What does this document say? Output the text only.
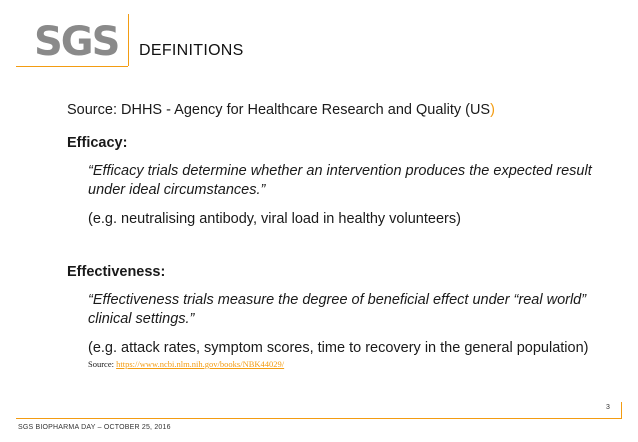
SGS DEFINITIONS

Source: DHHS - Agency for Healthcare Research and Quality (US)

Efficacy:

“Efficacy trials determine whether an intervention produces the expected result under ideal circumstances.”

(e.g. neutralising antibody, viral load in healthy volunteers)

Effectiveness:

“Effectiveness trials measure the degree of beneficial effect under “real world” clinical settings.”

(e.g. attack rates, symptom scores, time to recovery in the general population)

Source: https://www.ncbi.nlm.nih.gov/books/NBK44029/
3
SGS BIOPHARMA DAY – OCTOBER 25, 2016
